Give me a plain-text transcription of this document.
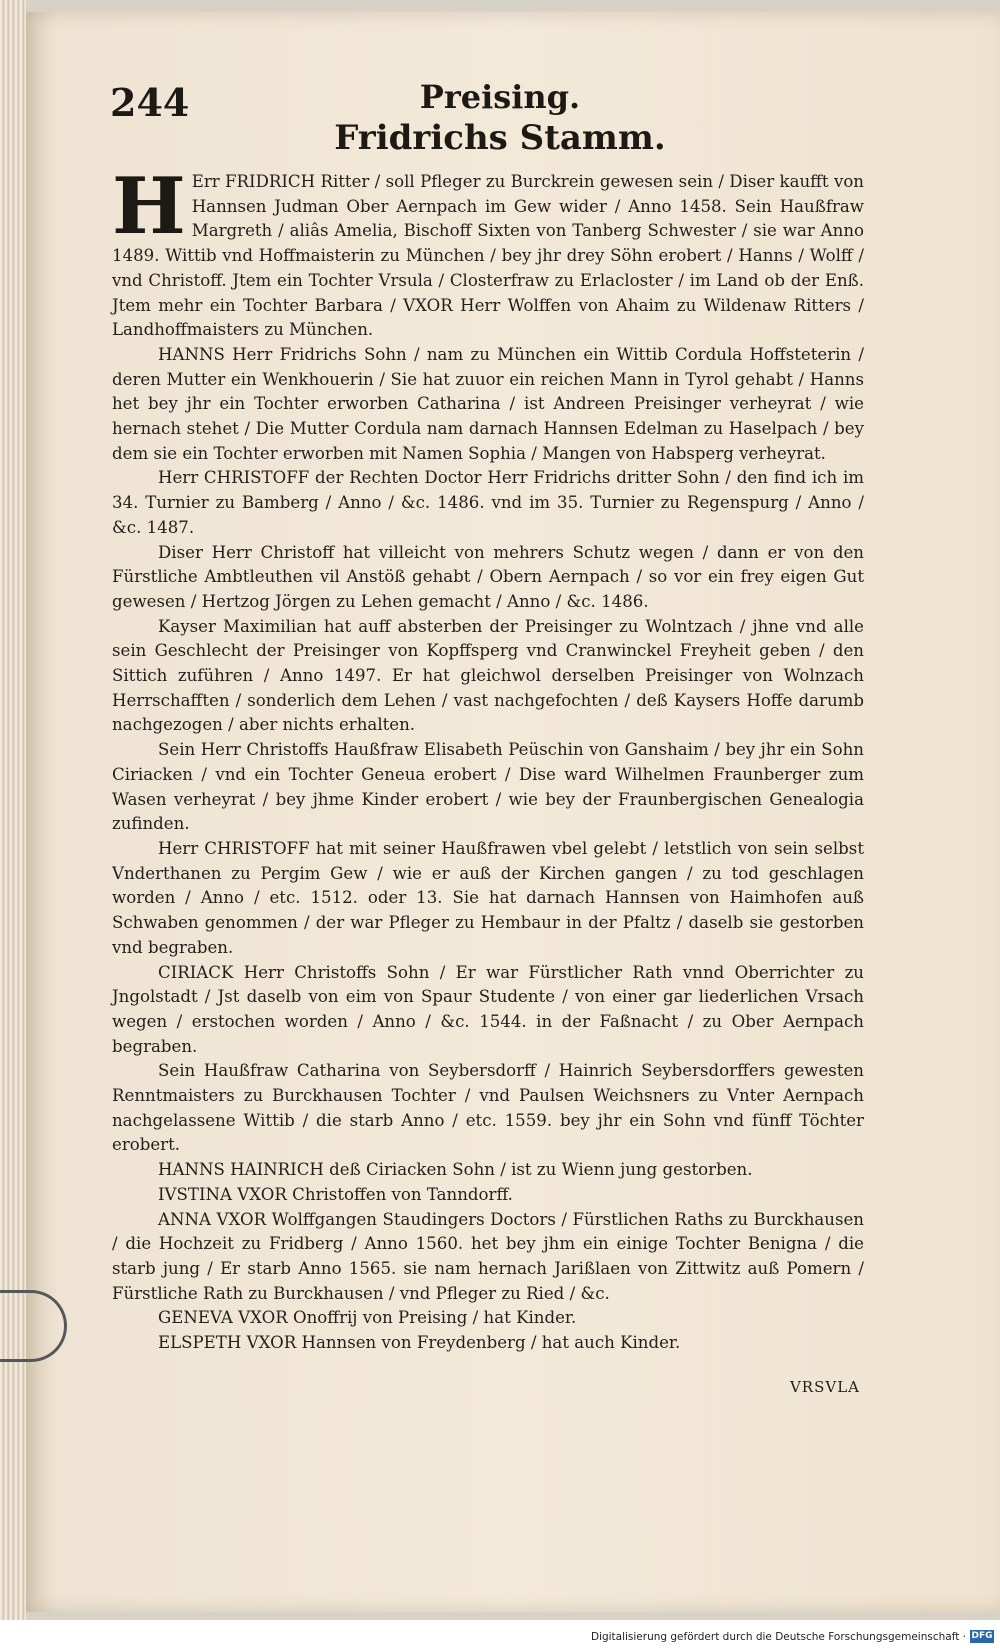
244	Preising.
Fridrichs Stamm.

H Err FRIDRICH Ritter / soll Pfleger zu Burckrein gewesen sein / Diser kaufft von Hannsen Judman Ober Aernpach im Gew wider / Anno 1458. Sein Haußfraw Margreth / aliâs Amelia, Bischoff Sixten von Tanberg Schwester / sie war Anno 1489. Wittib vnd Hoffmaisterin zu München / bey jhr drey Söhn erobert / Hanns / Wolff / vnd Christoff. Jtem ein Tochter Vrsula / Closterfraw zu Erlacloster / im Land ob der Enß. Jtem mehr ein Tochter Barbara / VXOR Herr Wolffen von Ahaim zu Wildenaw Ritters / Landhoffmaisters zu München.

HANNS Herr Fridrichs Sohn / nam zu München ein Wittib Cordula Hoffsteterin / deren Mutter ein Wenkhouerin / Sie hat zuuor ein reichen Mann in Tyrol gehabt / Hanns het bey jhr ein Tochter erworben Catharina / ist Andreen Preisinger verheyrat / wie hernach stehet / Die Mutter Cordula nam darnach Hannsen Edelman zu Haselpach / bey dem sie ein Tochter erworben mit Namen Sophia / Mangen von Habsperg verheyrat.

Herr CHRISTOFF der Rechten Doctor Herr Fridrichs dritter Sohn / den find ich im 34. Turnier zu Bamberg / Anno / &c. 1486. vnd im 35. Turnier zu Regenspurg / Anno / &c. 1487.

Diser Herr Christoff hat villeicht von mehrers Schutz wegen / dann er von den Fürstliche Ambtleuthen vil Anstöß gehabt / Obern Aernpach / so vor ein frey eigen Gut gewesen / Hertzog Jörgen zu Lehen gemacht / Anno / &c. 1486.

Kayser Maximilian hat auff absterben der Preisinger zu Wolntzach / jhne vnd alle sein Geschlecht der Preisinger von Kopffsperg vnd Cranwinckel Freyheit geben / den Sittich zuführen / Anno 1497. Er hat gleichwol derselben Preisinger von Wolnzach Herrschafften / sonderlich dem Lehen / vast nachgefochten / deß Kaysers Hoffe darumb nachgezogen / aber nichts erhalten.

Sein Herr Christoffs Haußfraw Elisabeth Peüschin von Ganshaim / bey jhr ein Sohn Ciriacken / vnd ein Tochter Geneua erobert / Dise ward Wilhelmen Fraunberger zum Wasen verheyrat / bey jhme Kinder erobert / wie bey der Fraunbergischen Genealogia zufinden.

Herr CHRISTOFF hat mit seiner Haußfrawen vbel gelebt / letstlich von sein selbst Vnderthanen zu Pergim Gew / wie er auß der Kirchen gangen / zu tod geschlagen worden / Anno / etc. 1512. oder 13. Sie hat darnach Hannsen von Haimhofen auß Schwaben genommen / der war Pfleger zu Hembaur in der Pfaltz / daselb sie gestorben vnd begraben.

CIRIACK Herr Christoffs Sohn / Er war Fürstlicher Rath vnnd Oberrichter zu Jngolstadt / Jst daselb von eim von Spaur Studente / von einer gar liederlichen Vrsach wegen / erstochen worden / Anno / &c. 1544. in der Faßnacht / zu Ober Aernpach begraben.

Sein Haußfraw Catharina von Seybersdorff / Hainrich Seybersdorffers gewesten Renntmaisters zu Burckhausen Tochter / vnd Paulsen Weichsners zu Vnter Aernpach nachgelassene Wittib / die starb Anno / etc. 1559. bey jhr ein Sohn vnd fünff Töchter erobert.

HANNS HAINRICH deß Ciriacken Sohn / ist zu Wienn jung gestorben.

IVSTINA VXOR Christoffen von Tanndorff.

ANNA VXOR Wolffgangen Staudingers Doctors / Fürstlichen Raths zu Burckhausen / die Hochzeit zu Fridberg / Anno 1560. het bey jhm ein einige Tochter Benigna / die starb jung / Er starb Anno 1565. sie nam hernach Jarißlaen von Zittwitz auß Pomern / Fürstliche Rath zu Burckhausen / vnd Pfleger zu Ried / &c.

GENEVA VXOR Onoffrij von Preising / hat Kinder.

ELSPETH VXOR Hannsen von Freydenberg / hat auch Kinder.

VRSVLA
Digitalisierung gefördert durch die Deutsche Forschungsgemeinschaft · DFG
